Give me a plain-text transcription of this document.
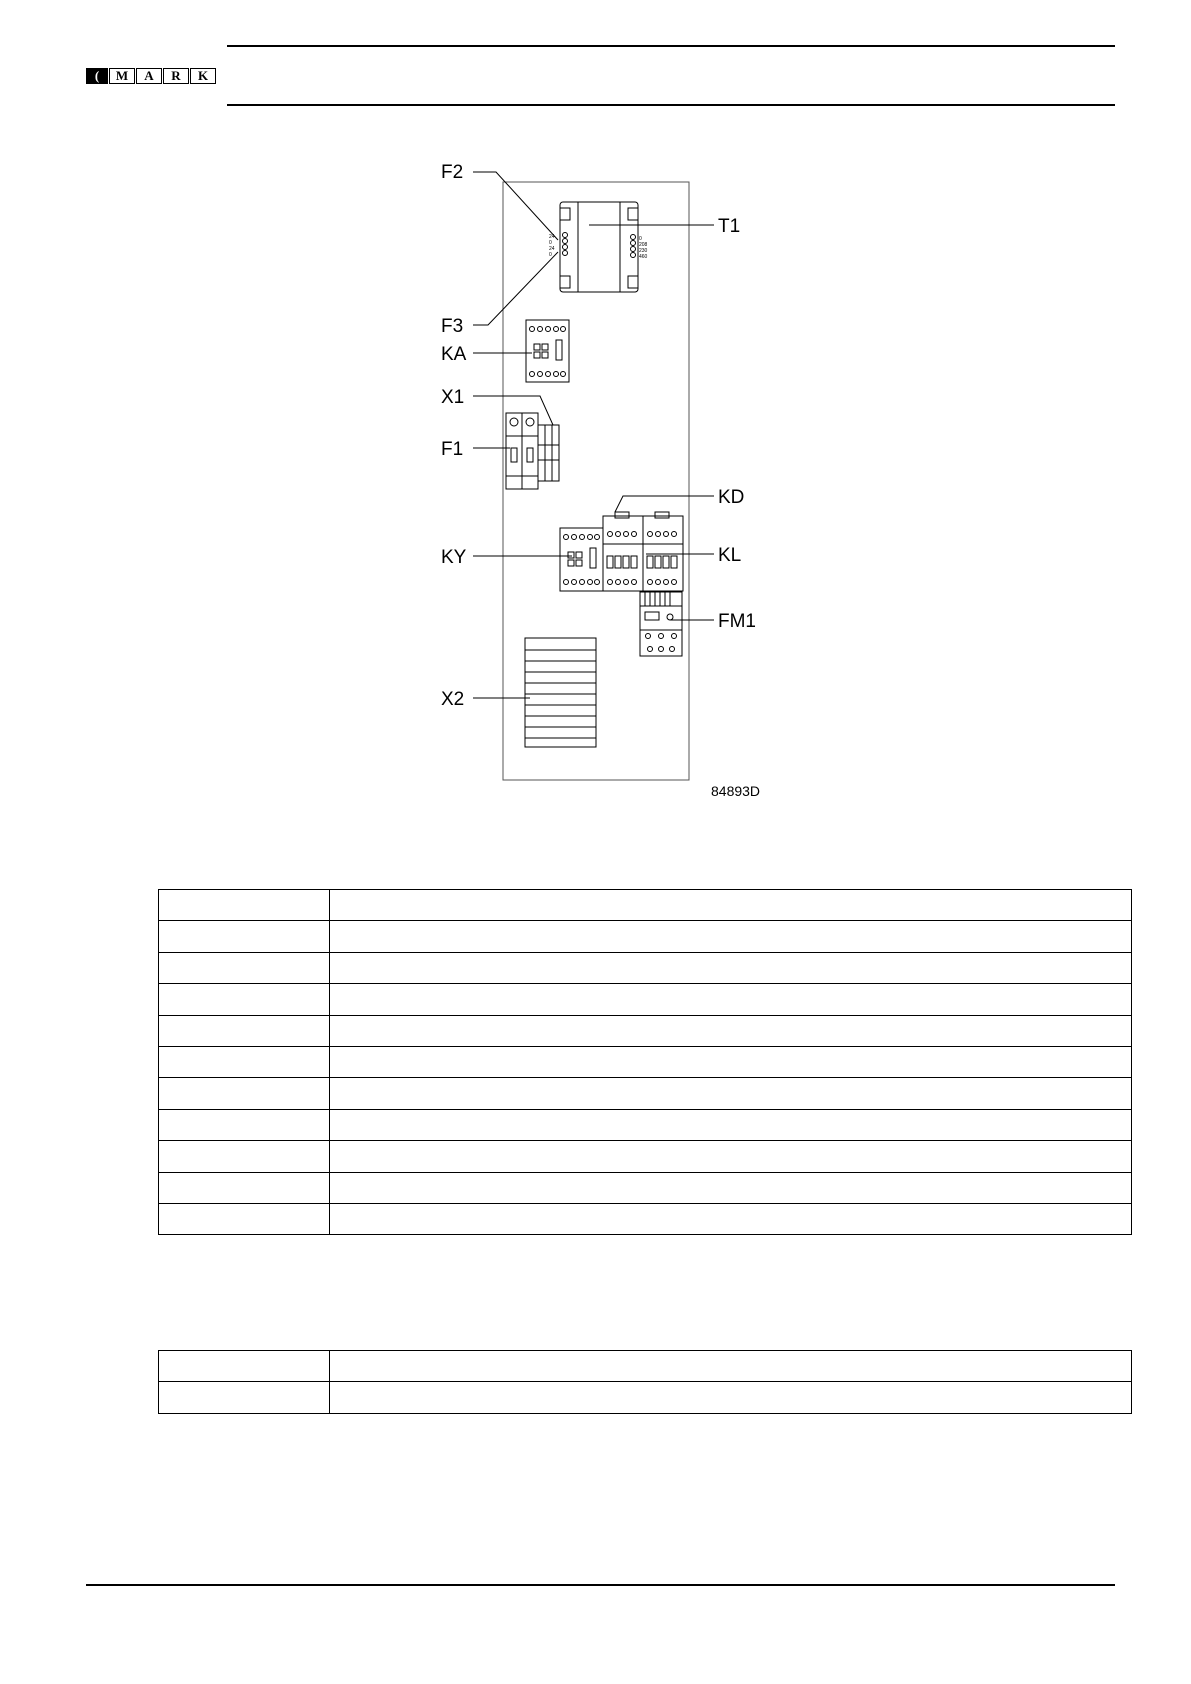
(	M	A	R	K
24
0
24
0
0
208
230
460
F2
T1
F3
KA
X1
F1
KD
KY	KL
FM1
X2
84893D
